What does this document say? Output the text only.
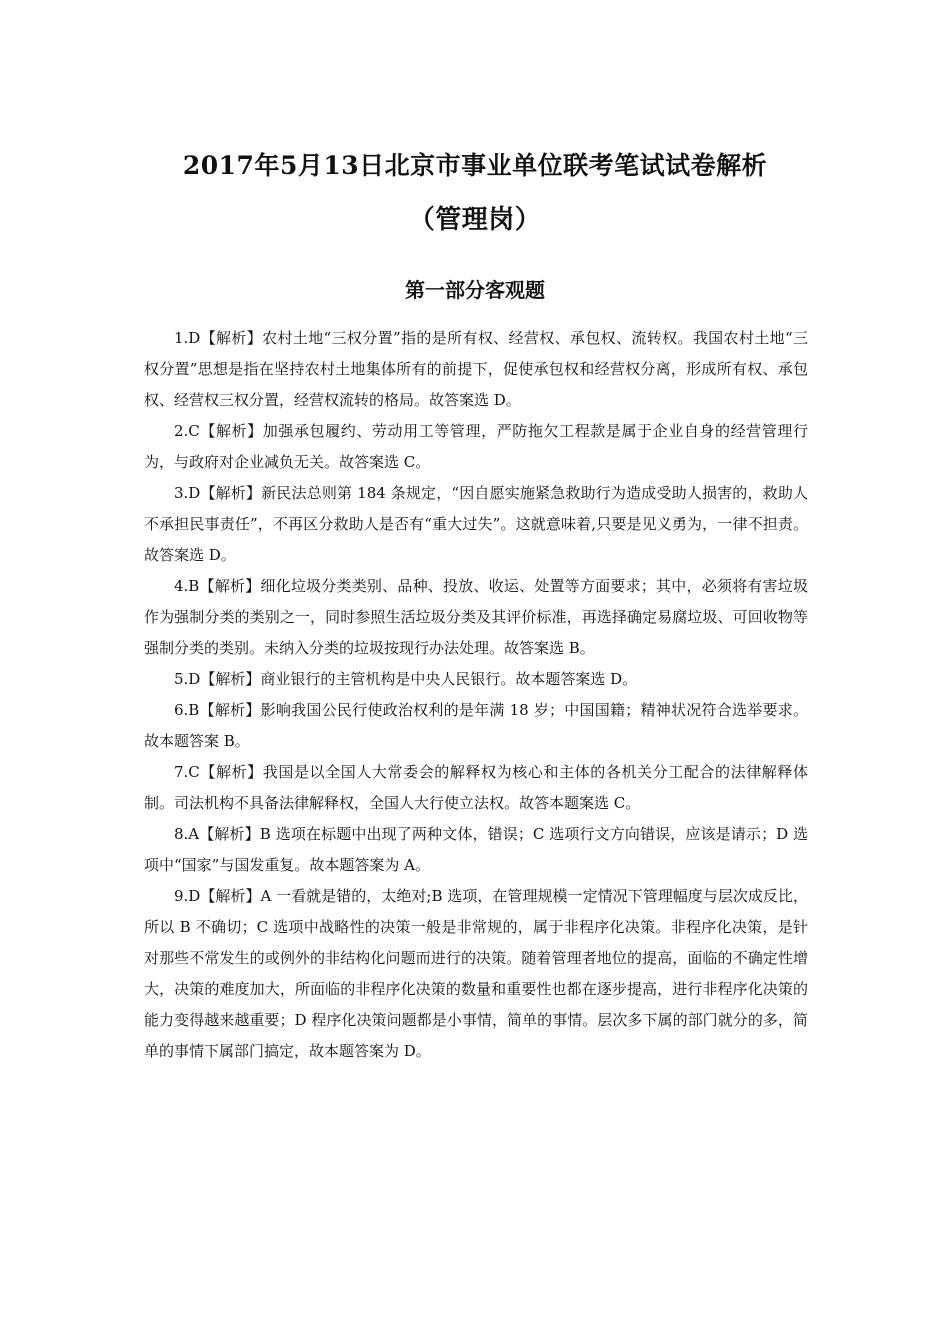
2017年5月13日北京市事业单位联考笔试试卷解析
（管理岗）
第一部分客观题

1.D【解析】农村土地“三权分置”指的是所有权、经营权、承包权、流转权。我国农村土地“三权分置”思想是指在坚持农村土地集体所有的前提下，促使承包权和经营权分离，形成所有权、承包权、经营权三权分置，经营权流转的格局。故答案选 D。

2.C【解析】加强承包履约、劳动用工等管理，严防拖欠工程款是属于企业自身的经营管理行为，与政府对企业减负无关。故答案选 C。

3.D【解析】新民法总则第 184 条规定，“因自愿实施紧急救助行为造成受助人损害的，救助人不承担民事责任”，不再区分救助人是否有“重大过失”。这就意味着,只要是见义勇为，一律不担责。故答案选 D。

4.B【解析】细化垃圾分类类别、品种、投放、收运、处置等方面要求；其中，必须将有害垃圾作为强制分类的类别之一，同时参照生活垃圾分类及其评价标准，再选择确定易腐垃圾、可回收物等强制分类的类别。未纳入分类的垃圾按现行办法处理。故答案选 B。

5.D【解析】商业银行的主管机构是中央人民银行。故本题答案选 D。

6.B【解析】影响我国公民行使政治权利的是年满 18 岁；中国国籍；精神状况符合选举要求。故本题答案 B。

7.C【解析】我国是以全国人大常委会的解释权为核心和主体的各机关分工配合的法律解释体制。司法机构不具备法律解释权，全国人大行使立法权。故答本题案选 C。

8.A【解析】B 选项在标题中出现了两种文体，错误；C 选项行文方向错误，应该是请示；D 选项中“国家”与国发重复。故本题答案为 A。

9.D【解析】A 一看就是错的，太绝对;B 选项，在管理规模一定情况下管理幅度与层次成反比，所以 B 不确切；C 选项中战略性的决策一般是非常规的，属于非程序化决策。非程序化决策，是针对那些不常发生的或例外的非结构化问题而进行的决策。随着管理者地位的提高，面临的不确定性增大，决策的难度加大，所面临的非程序化决策的数量和重要性也都在逐步提高，进行非程序化决策的能力变得越来越重要；D 程序化决策问题都是小事情，简单的事情。层次多下属的部门就分的多，简单的事情下属部门搞定，故本题答案为 D。
